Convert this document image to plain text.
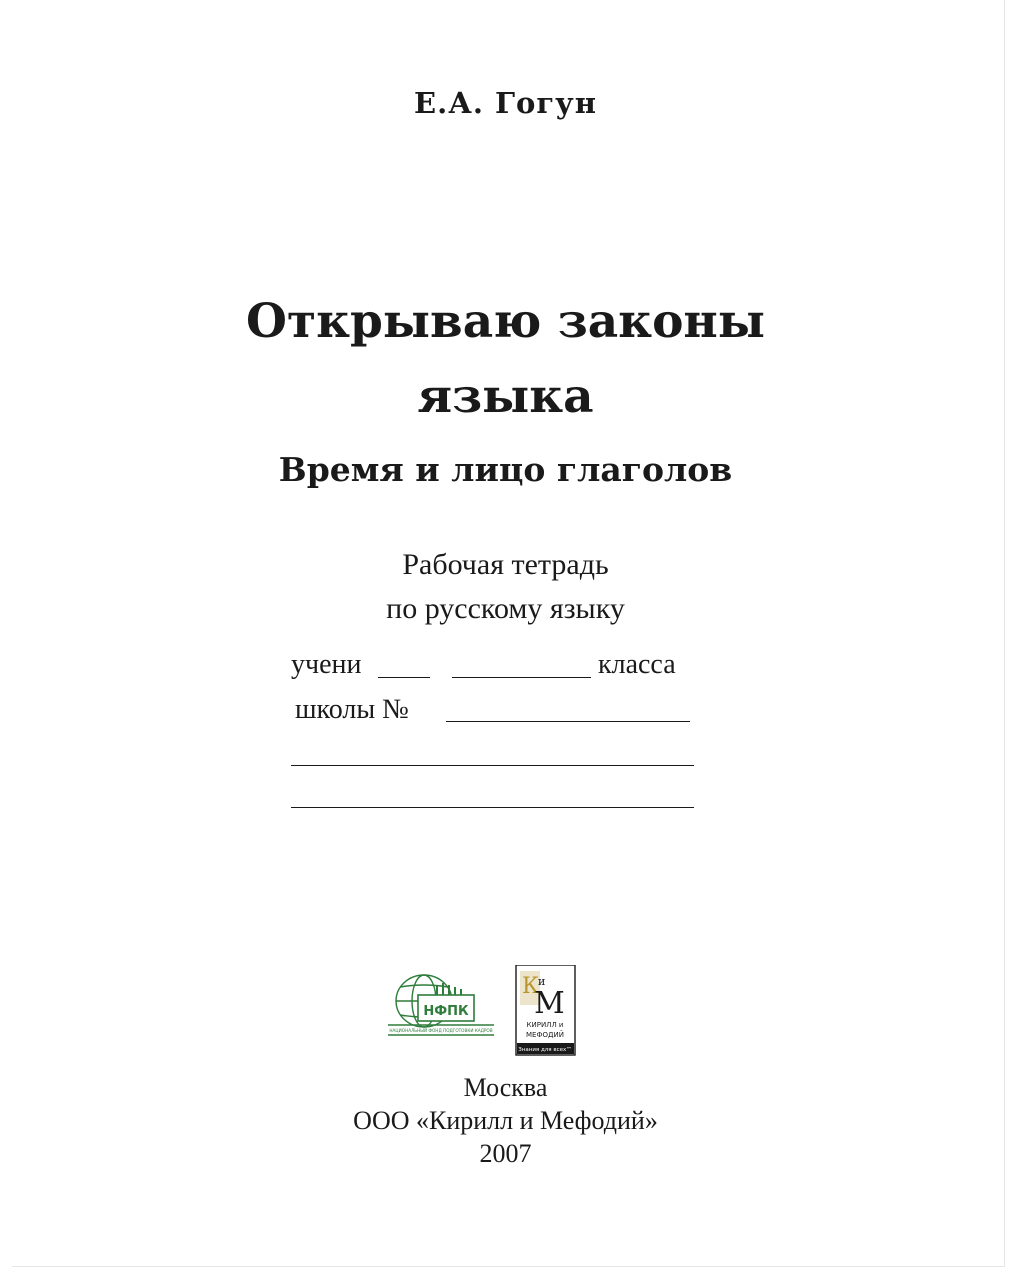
Е.А. Гогун
Открываю законы
языка
Время и лицо глаголов
Рабочая тетрадь
по русскому языку
учени	класса
школы №
НФПК
НАЦИОНАЛЬНЫЙ ФОНД ПОДГОТОВКИ КАДРОВ
К
и
М
КИРИЛЛ и
МЕФОДИЙ
Знания для всех™
Москва
ООО «Кирилл и Мефодий»
2007
